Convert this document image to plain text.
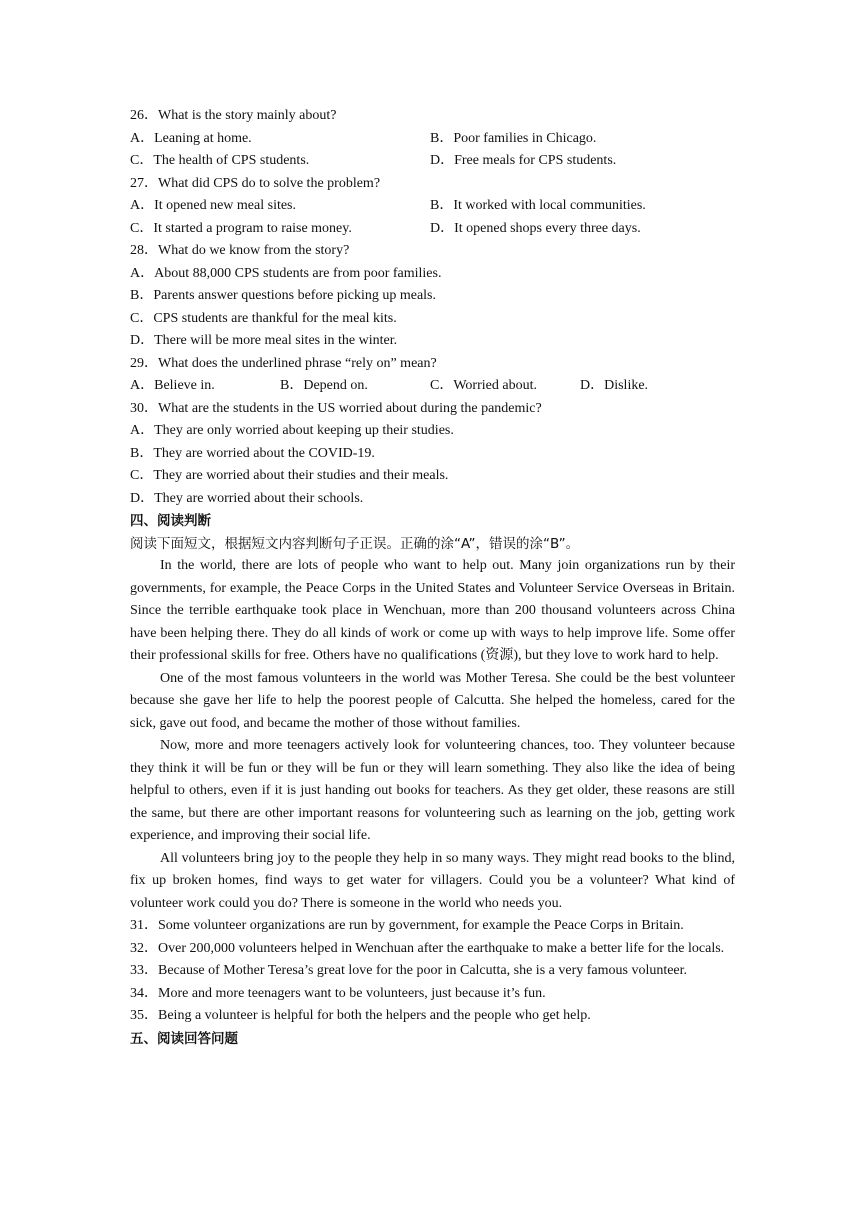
26．What is the story mainly about?
A．Leaning at home.	B．Poor families in Chicago.
C．The health of CPS students.	D．Free meals for CPS students.
27．What did CPS do to solve the problem?
A．It opened new meal sites.	B．It worked with local communities.
C．It started a program to raise money.	D．It opened shops every three days.
28．What do we know from the story?
A．About 88,000 CPS students are from poor families.
B．Parents answer questions before picking up meals.
C．CPS students are thankful for the meal kits.
D．There will be more meal sites in the winter.
29．What does the underlined phrase “rely on” mean?
A．Believe in.	B．Depend on.	C．Worried about.	D．Dislike.
30．What are the students in the US worried about during the pandemic?
A．They are only worried about keeping up their studies.
B．They are worried about the COVID-19.
C．They are worried about their studies and their meals.
D．They are worried about their schools.
四、阅读判断
阅读下面短文，根据短文内容判断句子正误。正确的涂“A”，错误的涂“B”。
In the world, there are lots of people who want to help out. Many join organizations run by their governments, for example, the Peace Corps in the United States and Volunteer Service Overseas in Britain. Since the terrible earthquake took place in Wenchuan, more than 200 thousand volunteers across China have been helping there. They do all kinds of work or come up with ways to help improve life. Some offer their professional skills for free. Others have no qualifications (资源), but they love to work hard to help.
One of the most famous volunteers in the world was Mother Teresa. She could be the best volunteer because she gave her life to help the poorest people of Calcutta. She helped the homeless, cared for the sick, gave out food, and became the mother of those without families.
Now, more and more teenagers actively look for volunteering chances, too. They volunteer because they think it will be fun or they will be fun or they will learn something. They also like the idea of being helpful to others, even if it is just handing out books for teachers. As they get older, these reasons are still the same, but there are other important reasons for volunteering such as learning on the job, getting work experience, and improving their social life.
All volunteers bring joy to the people they help in so many ways. They might read books to the blind, fix up broken homes, find ways to get water for villagers. Could you be a volunteer? What kind of volunteer work could you do? There is someone in the world who needs you.
31．Some volunteer organizations are run by government, for example the Peace Corps in Britain.
32．Over 200,000 volunteers helped in Wenchuan after the earthquake to make a better life for the locals.
33．Because of Mother Teresa’s great love for the poor in Calcutta, she is a very famous volunteer.
34．More and more teenagers want to be volunteers, just because it’s fun.
35．Being a volunteer is helpful for both the helpers and the people who get help.
五、阅读回答问题
